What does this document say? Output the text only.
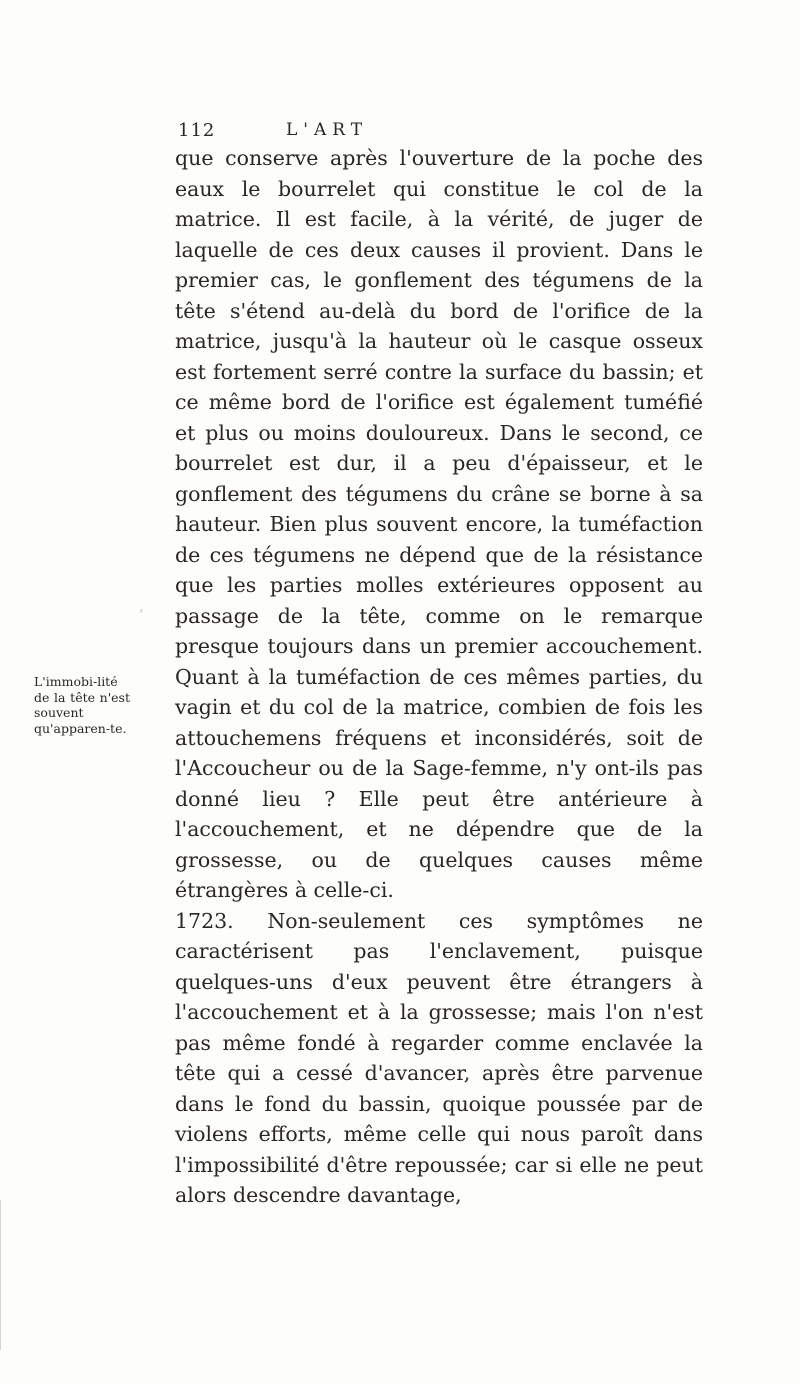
112	L'ART

que conserve après l'ouverture de la poche des eaux le bourrelet qui constitue le col de la matrice. Il est facile, à la vérité, de juger de laquelle de ces deux causes il provient. Dans le premier cas, le gonflement des tégumens de la tête s'étend au-delà du bord de l'orifice de la matrice, jusqu'à la hauteur où le casque osseux est fortement serré contre la surface du bassin; et ce même bord de l'orifice est également tuméfié et plus ou moins douloureux. Dans le second, ce bourrelet est dur, il a peu d'épaisseur, et le gonflement des tégumens du crâne se borne à sa hauteur. Bien plus souvent encore, la tuméfaction de ces tégumens ne dépend que de la résistance que les parties molles extérieures opposent au passage de la tête, comme on le remarque presque toujours dans un premier accouchement. Quant à la tuméfaction de ces mêmes parties, du vagin et du col de la matrice, combien de fois les attouchemens fréquens et inconsidérés, soit de l'Accoucheur ou de la Sage-femme, n'y ont-ils pas donné lieu ? Elle peut être antérieure à l'accouchement, et ne dépendre que de la grossesse, ou de quelques causes même étrangères à celle-ci.

1723. Non-seulement ces symptômes ne caractérisent pas l'enclavement, puisque quelques-uns d'eux peuvent être étrangers à l'accouchement et à la grossesse; mais l'on n'est pas même fondé à regarder comme enclavée la tête qui a cessé d'avancer, après être parvenue dans le fond du bassin, quoique poussée par de violens efforts, même celle qui nous paroît dans l'impossibilité d'être repoussée; car si elle ne peut alors descendre davantage,

L'immobi-lité de la tête n'est souvent qu'apparen-te.
ʳ
